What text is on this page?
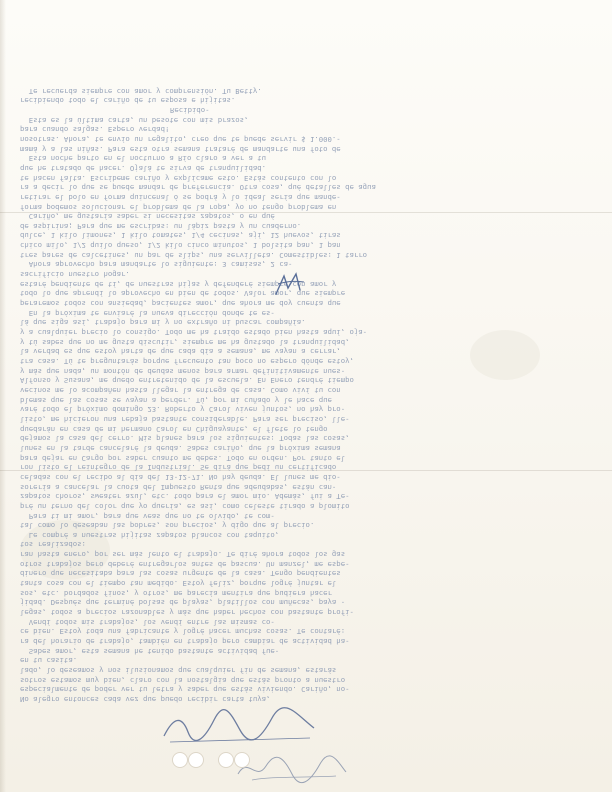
No alegro entonces cada vez que puedo recibir carta tuya,
especialmente de poder ver tu letra y saber que estás viviendo. Cariño, no-
sotros estamos muy bien, claro con la nostalgia que estás pronto a nuestro
lado, lo deseamos y nos ilusionamos que cualquier fin de semana, estarás
en tu casita.
Sabes amor, esta semana he tenido bastante actividad fue-
ra del horario de trabajo, también en trabajo pero cambiar de actividad ha-
ce bien. Estoy toda una fabricante y logré hacer muchas cosas. Te contaré:
Vendí todos mis trabajos, los vendí entre las mismas co-
legas, todos a precios razonables y más que haber hechos con bastante profi-
jidad. Después que terminé bolsas de playas, platillos con muñecas, paya -
sos, etc. bordados finos, y otros, me parecía mentira que pudiera hacer
tanta cosa con el tiempo tan medido. Estoy feliz, porque logré juntar el
dinero que necesitaba para las cosas urgente de la casa. Tengo pendientes
otros trabajos pero deberé entregarlos antes de pascua. Un manzel, me espe-
ran hasta enero, por ser más lento el trabajo. Te diré ahora todos los gas
tos realizados:
Le compré a nuestras hijitas zapatos blancos con taquito,
tal como lo deseaban las pobres, son precios, y digo que al precio.
Para ti mi amor, para que veas que no te olvido, te com-
pré un terno del color que yo quería, es así, como celeste tirado a plomito
zapatos choros, sweater azul, etc. todo para el amor mío. Además, fui a Te-
sorería a cancelar la cuota del Impuesto Renta que adeudabas, están can-
celadas con el recibo al día del 13-12-71. No hay deuda. El lunes me dio-
ron listo el reintegro de la Industrial. Se dirá que pedí un certificado
para dejar en Cargo por saber cuanto me debes. Todo en orden. Por tanto el
lunes en la tarde cancelaré la deuda. Sabes cariño, que la próxima semana
dejamos la casa del cerro. Mis planes para los siguientes: Todas las cosas,
quedarán en casa de mi hermano Carol en Chiguayante, el flete lo tengo
listo, me hicieron una rebaja bastante considerable. Para ser preciso, lle-
varé todo el próximo domingo 23. Roberto y Carol viven juntos, no hay pro-
blemas que las cosas se vayan a perder. Tú, por mi cuñado y le hace que
vecinos me lo acompañen hasta llegar la entrega de casa. Como viví tu con
Alfonso y Susana, me quedo entretenido de la escuela. En Enero tendré tiempo
y más que nada, un montón de deudas menos para armar definitivamente nues-
tra casa. Tú te preguntarás porque frecuento tan poco no espero dónde estoy,
la verdad es que estoy harta de que cada día a semana, me vayan a cerrar,
y tú sabes que no me gusta discutir, siempre me ha gustado la tranquilidad,
y a cualquier precio lo consigo. Todo me ha traído estado bien hasta aquí, oja-
lá que siga así, trabajo para mí y no extraño ni buscar compañía.
En la próxima te enviaré la nueva dirección donde te es-
peraremos todos con ansiedad, pacientes amor, que ahora me doy cuenta que
todo lo que aprendí lo aprovecho en bien de todos. Valor amor, que siempre
estaré pendiente de tí, de nuestras hijas y defenderé siempre con amor y
sacrificio nuestro hogar.
Ahora aprovecho para mandarte lo siguiente: 3 camisas, 2 ca-
tres pares de calcetines, un par de slips, una servilleta. Comestibles: 1 tarro
chico milo, 1/2 quilo queso, 1/2 kilo cinco minutos, 1 bolsita pan, 1 pan
dulce, 1 kilo limones, 1 kilo tomates, 1/4 cecinas, ají, 12 huevos, tiras
de aspirina; Para que me escribas: un lápiz pasta y un cuaderno.
Cariño, me gustaría saber si necesitas zapatos, o en qué
forma podemos solucionar el problema de la ropa, yo no tengo problema en
retirar el bolo en forma quincenal ó se podrá y lo ideal sería que mande-
ra a decir lo que se puede mandar de preferencia. Otra cosa, qué detalles de agua
te hacen falta. Escríbeme cariño y explícame esto. Estás contento con lo
que he tratado de hacer. Ojalá te sirva de tranquilidad.
Esta noche parto en el nocturno a Río claro a ver a tu
mamá y a las niñas. Para esta otra semana trataré de mandarte una foto de
nosotras. Ahora, te envío un regalito, creo que te puede servir $ 1.000.-
para cuando salgas. Espero verdad!
Esta es la última carta, un besote con mis brazos,
Recibido-
recibiendo todo el cariño de tu esposa e hijitas.
Te recuerda siempre con amor y comprensión. Tu Betty.
